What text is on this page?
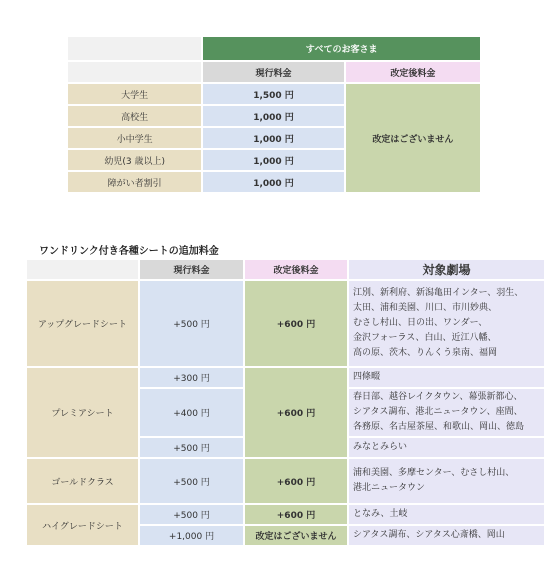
	すべてのお客さま	
	現行料金	改定後料金
大学生	1,500 円	改定はございません
高校生	1,000 円	
小中学生	1,000 円	
幼児(3 歳以上)	1,000 円	
障がい者割引	1,000 円	
ワンドリンク付き各種シートの追加料金
	現行料金	改定後料金	対象劇場
アップグレードシート	+500 円	+600 円	江別、新利府、新潟亀田インター、羽生、
太田、浦和美園、川口、市川妙典、
むさし村山、日の出、ワンダー、
金沢フォーラス、白山、近江八幡、
高の原、茨木、りんくう泉南、福岡

プレミアシート	+300 円	+600 円	四條畷

	+400 円		春日部、越谷レイクタウン、幕張新都心、
シアタス調布、港北ニュータウン、座間、
各務原、名古屋茶屋、和歌山、岡山、徳島

	+500 円		みなとみらい

ゴールドクラス	+500 円	+600 円	浦和美園、多摩センター、むさし村山、
港北ニュータウン

ハイグレードシート	+500 円	+600 円	となみ、土岐

	+1,000 円	改定はございません	シアタス調布、シアタス心斎橋、岡山
